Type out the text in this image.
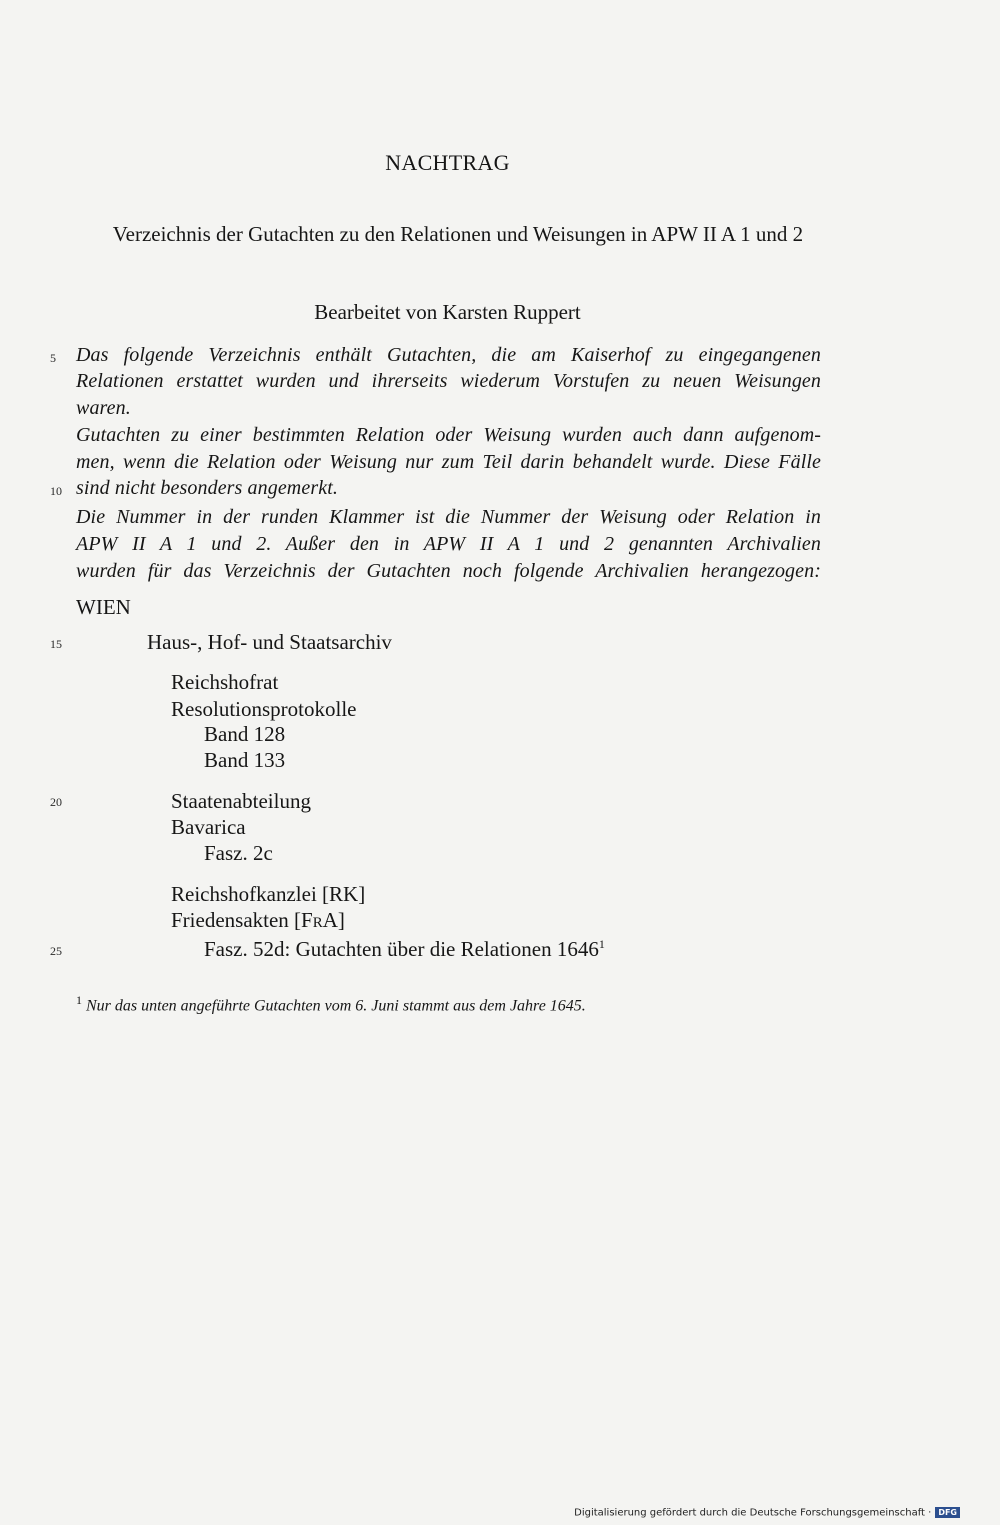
NACHTRAG
Verzeichnis der Gutachten zu den Relationen und Weisungen in APW II A 1 und 2
Bearbeitet von Karsten Ruppert
5
10
15
20
25
Das folgende Verzeichnis enthält Gutachten, die am Kaiserhof zu eingegangenen
Relationen erstattet wurden und ihrerseits wiederum Vorstufen zu neuen Weisungen
waren.
Gutachten zu einer bestimmten Relation oder Weisung wurden auch dann aufgenom-
men, wenn die Relation oder Weisung nur zum Teil darin behandelt wurde. Diese Fälle
sind nicht besonders angemerkt.
Die Nummer in der runden Klammer ist die Nummer der Weisung oder Relation in
APW II A 1 und 2. Außer den in APW II A 1 und 2 genannten Archivalien
wurden für das Verzeichnis der Gutachten noch folgende Archivalien herangezogen:
WIEN
Haus-, Hof- und Staatsarchiv
Reichshofrat
Resolutionsprotokolle
Band 128
Band 133
Staatenabteilung
Bavarica
Fasz. 2c
Reichshofkanzlei [RK]
Friedensakten [FrA]
Fasz. 52d: Gutachten über die Relationen 1646$^1$
$^1$ Nur das unten angeführte Gutachten vom 6. Juni stammt aus dem Jahre 1645.
Digitalisierung gefördert durch die Deutsche Forschungsgemeinschaft · DFG
